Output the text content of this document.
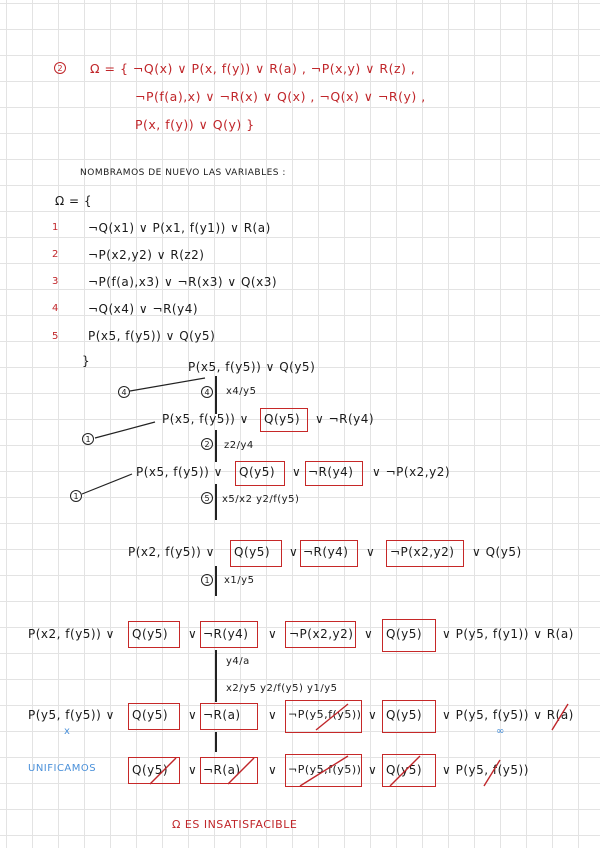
2 Ω = { ¬Q(x) ∨ P(x, f(y)) ∨ R(a) , ¬P(x,y) ∨ R(z) ,
¬P(f(a),x) ∨ ¬R(x) ∨ Q(x) , ¬Q(x) ∨ ¬R(y) ,
P(x, f(y)) ∨ Q(y) }
NOMBRAMOS DE NUEVO LAS VARIABLES :
Ω = {
1 ¬Q(x1) ∨ P(x1, f(y1)) ∨ R(a)
2 ¬P(x2,y2) ∨ R(z2)
3 ¬P(f(a),x3) ∨ ¬R(x3) ∨ Q(x3)
4 ¬Q(x4) ∨ ¬R(y4)
5 P(x5, f(y5)) ∨ Q(y5)
}	P(x5, f(y5)) ∨ Q(y5)
4	4	x4/y5
P(x5, f(y5)) ∨ Q(y5) ∨ ¬R(y4)
1
2	z2/y4
P(x5, f(y5)) ∨ Q(y5) ∨ ¬R(y4) ∨ ¬P(x2,y2)
1	5	x5/x2 y2/f(y5)
P(x2, f(y5)) ∨ Q(y5) ∨ ¬R(y4) ∨ ¬P(x2,y2) ∨ Q(y5)
1	x1/y5
P(x2, f(y5)) ∨ Q(y5) ∨ ¬R(y4) ∨ ¬P(x2,y2) ∨ Q(y5) ∨ P(y5, f(y1)) ∨ R(a)
y4/a
x2/y5 y2/f(y5) y1/y5
P(y5, f(y5)) ∨ Q(y5) ∨ ¬R(a) ∨ ¬P(y5,f(y5)) ∨ Q(y5) ∨ P(y5, f(y5)) ∨ R(a)
x	∞
UNIFICAMOS	Q(y5) ∨ ¬R(a) ∨ ¬P(y5,f(y5)) ∨ Q(y5) ∨ P(y5, f(y5))
Ω ES INSATISFACIBLE
